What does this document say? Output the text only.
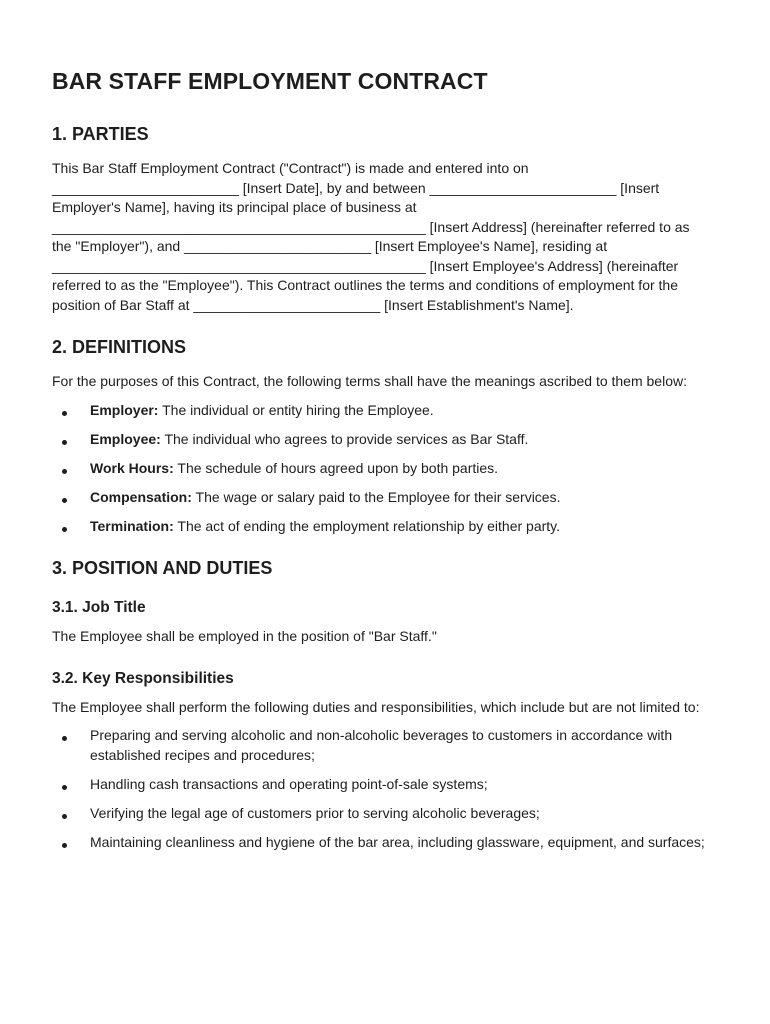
BAR STAFF EMPLOYMENT CONTRACT
1. PARTIES

This Bar Staff Employment Contract ("Contract") is made and entered into on ________________________ [Insert Date], by and between ________________________ [Insert Employer's Name], having its principal place of business at ________________________________________________ [Insert Address] (hereinafter referred to as the "Employer"), and ________________________ [Insert Employee's Name], residing at ________________________________________________ [Insert Employee's Address] (hereinafter referred to as the "Employee"). This Contract outlines the terms and conditions of employment for the position of Bar Staff at ________________________ [Insert Establishment's Name].

2. DEFINITIONS

For the purposes of this Contract, the following terms shall have the meanings ascribed to them below:

Employer: The individual or entity hiring the Employee.
Employee: The individual who agrees to provide services as Bar Staff.
Work Hours: The schedule of hours agreed upon by both parties.
Compensation: The wage or salary paid to the Employee for their services.
Termination: The act of ending the employment relationship by either party.
3. POSITION AND DUTIES
3.1. Job Title

The Employee shall be employed in the position of "Bar Staff."

3.2. Key Responsibilities

The Employee shall perform the following duties and responsibilities, which include but are not limited to:

Preparing and serving alcoholic and non-alcoholic beverages to customers in accordance with established recipes and procedures;
Handling cash transactions and operating point-of-sale systems;
Verifying the legal age of customers prior to serving alcoholic beverages;
Maintaining cleanliness and hygiene of the bar area, including glassware, equipment, and surfaces;
